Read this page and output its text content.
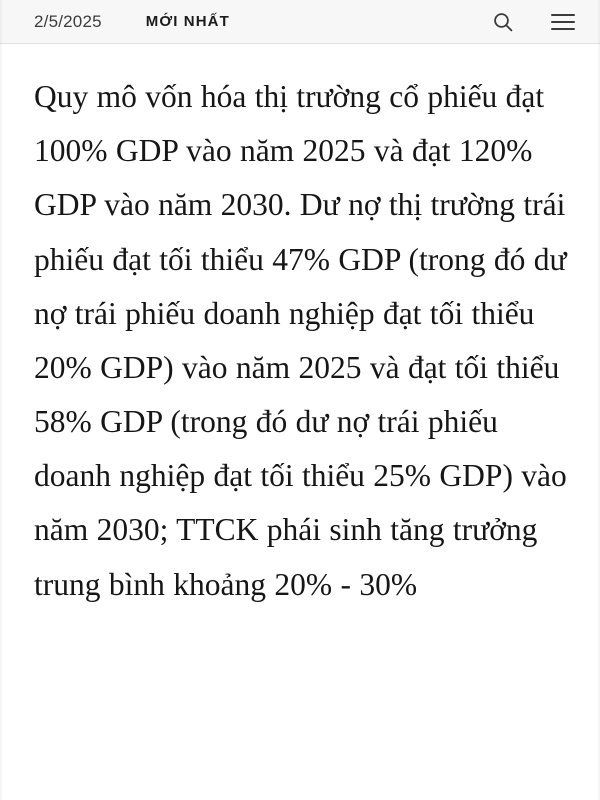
2/5/2025	MỚI NHẤT

Quy mô vốn hóa thị trường cổ phiếu đạt 100% GDP vào năm 2025 và đạt 120% GDP vào năm 2030. Dư nợ thị trường trái phiếu đạt tối thiểu 47% GDP (trong đó dư nợ trái phiếu doanh nghiệp đạt tối thiểu 20% GDP) vào năm 2025 và đạt tối thiểu 58% GDP (trong đó dư nợ trái phiếu doanh nghiệp đạt tối thiểu 25% GDP) vào năm 2030; TTCK phái sinh tăng trưởng trung bình khoảng 20% - 30%
